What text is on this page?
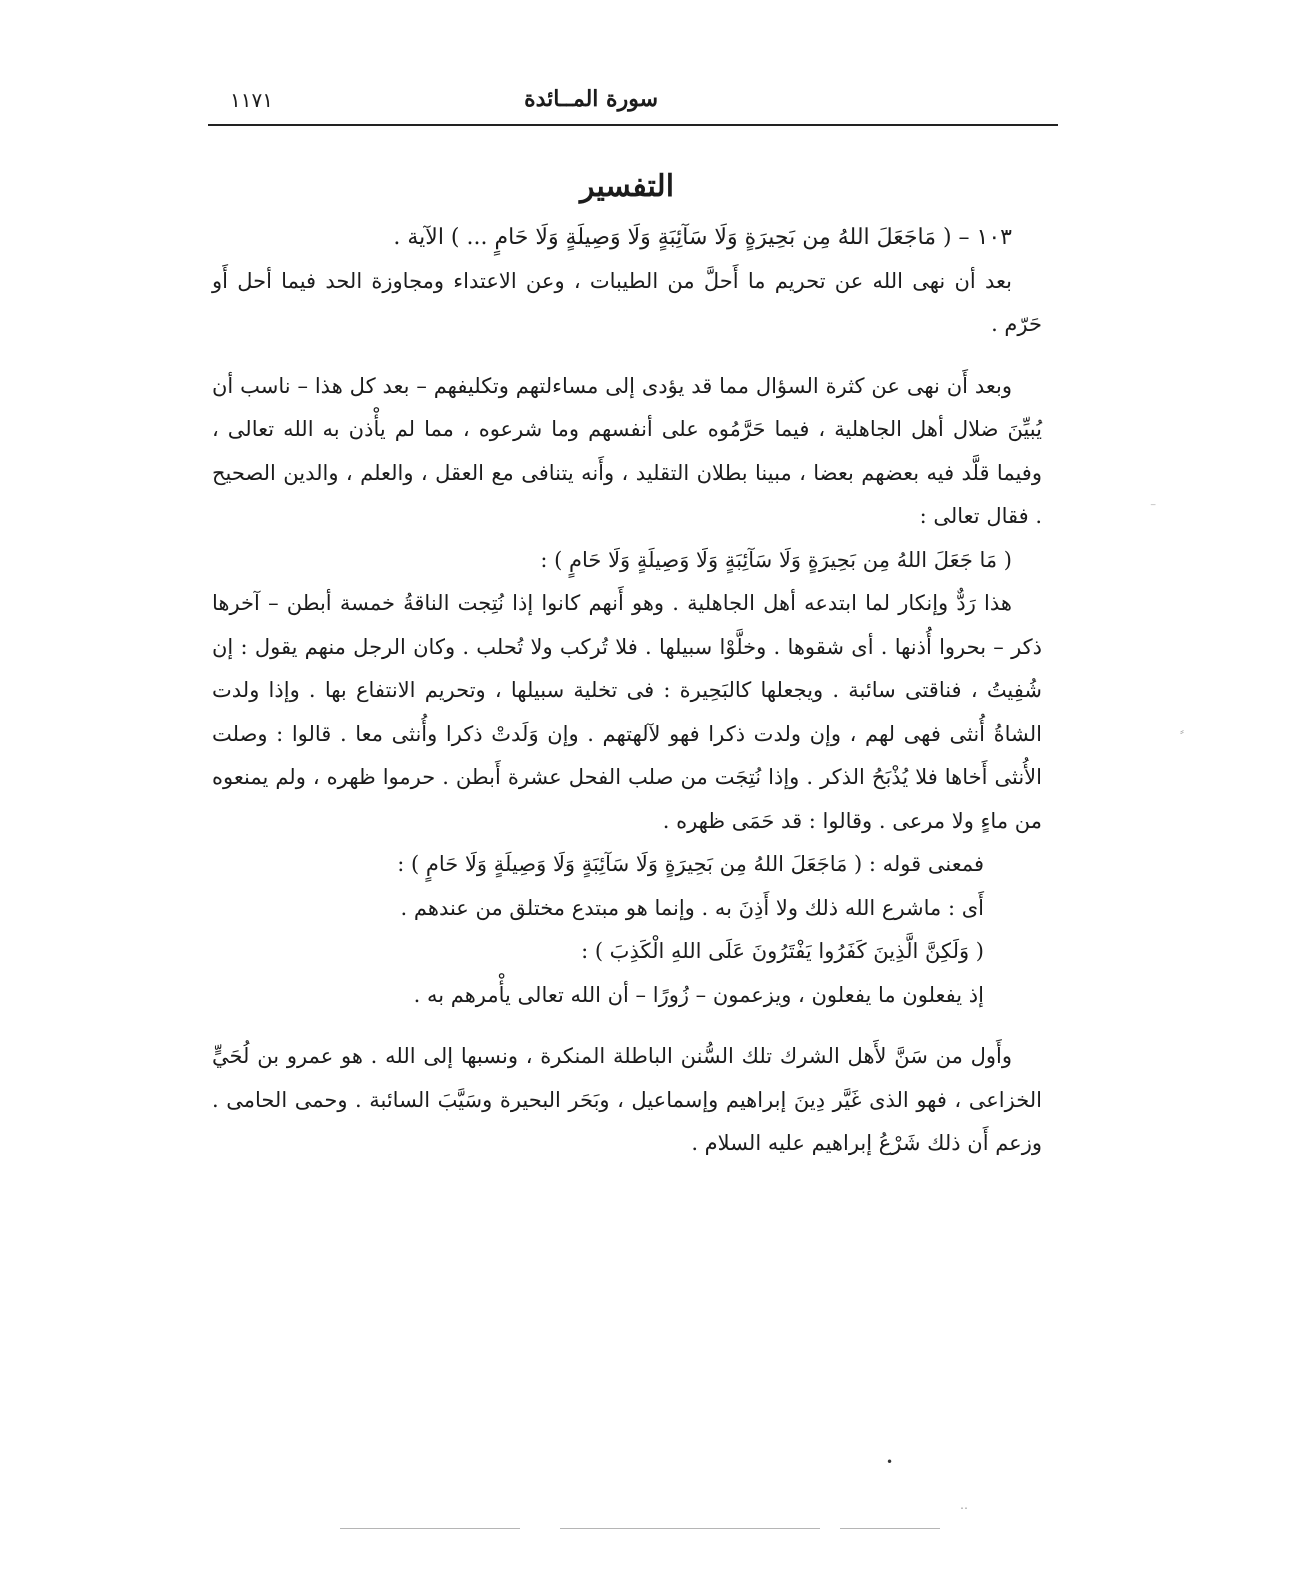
سورة المــائدة
١١٧١
التفسير

١٠٣ – ( مَاجَعَلَ اللهُ مِن بَحِيرَةٍ وَلَا سَآئِبَةٍ وَلَا وَصِيلَةٍ وَلَا حَامٍ ... ) الآية .

بعد أن نهى الله عن تحريم ما أَحلَّ من الطيبات ، وعن الاعتداء ومجاوزة الحد فيما أحل أَو حَرّم .

وبعد أَن نهى عن كثرة السؤال مما قد يؤدى إلى مساءلتهم وتكليفهم – بعد كل هذا – ناسب أن يُبيِّنَ ضلال أهل الجاهلية ، فيما حَرَّمُوه على أنفسهم وما شرعوه ، مما لم يأْذن به الله تعالى ، وفيما قلَّد فيه بعضهم بعضا ، مبينا بطلان التقليد ، وأَنه يتنافى مع العقل ، والعلم ، والدين الصحيح . فقال تعالى :

( مَا جَعَلَ اللهُ مِن بَحِيرَةٍ وَلَا سَآئِبَةٍ وَلَا وَصِيلَةٍ وَلَا حَامٍ ) :

هذا رَدٌّ وإنكار لما ابتدعه أهل الجاهلية . وهو أَنهم كانوا إذا نُتِجت الناقةُ خمسة أبطن – آخرها ذكر – بحروا أُذنها . أى شقوها . وخلَّوْا سبيلها . فلا تُركب ولا تُحلب . وكان الرجل منهم يقول : إن شُفِيتُ ، فناقتى سائبة . ويجعلها كالبَحِيرة : فى تخلية سبيلها ، وتحريم الانتفاع بها . وإذا ولدت الشاةُ أُنثى فهى لهم ، وإن ولدت ذكرا فهو لآلهتهم . وإن وَلَدتْ ذكرا وأُنثى معا . قالوا : وصلت الأُنثى أَخاها فلا يُذْبَحُ الذكر . وإذا نُتِجَت من صلب الفحل عشرة أَبطن . حرموا ظهره ، ولم يمنعوه من ماءٍ ولا مرعى . وقالوا : قد حَمَى ظهره .

فمعنى قوله : ( مَاجَعَلَ اللهُ مِن بَحِيرَةٍ وَلَا سَآئِبَةٍ وَلَا وَصِيلَةٍ وَلَا حَامٍ ) :

أَى : ماشرع الله ذلك ولا أَذِنَ به . وإنما هو مبتدع مختلق من عندهم .

( وَلَكِنَّ الَّذِينَ كَفَرُوا يَفْتَرُونَ عَلَى اللهِ الْكَذِبَ ) :

إذ يفعلون ما يفعلون ، ويزعمون – زُورًا – أن الله تعالى يأْمرهم به .

وأَول من سَنَّ لأَهل الشرك تلك السُّنن الباطلة المنكرة ، ونسبها إلى الله . هو عمرو بن لُحَيٍّ الخزاعى ، فهو الذى غَيَّر دِينَ إبراهيم وإسماعيل ، وبَحَر البحيرة وسَيَّبَ السائبة . وحمى الحامى . وزعم أَن ذلك شَرْعُ إبراهيم عليه السلام .

⁻
⸗
•
‥
